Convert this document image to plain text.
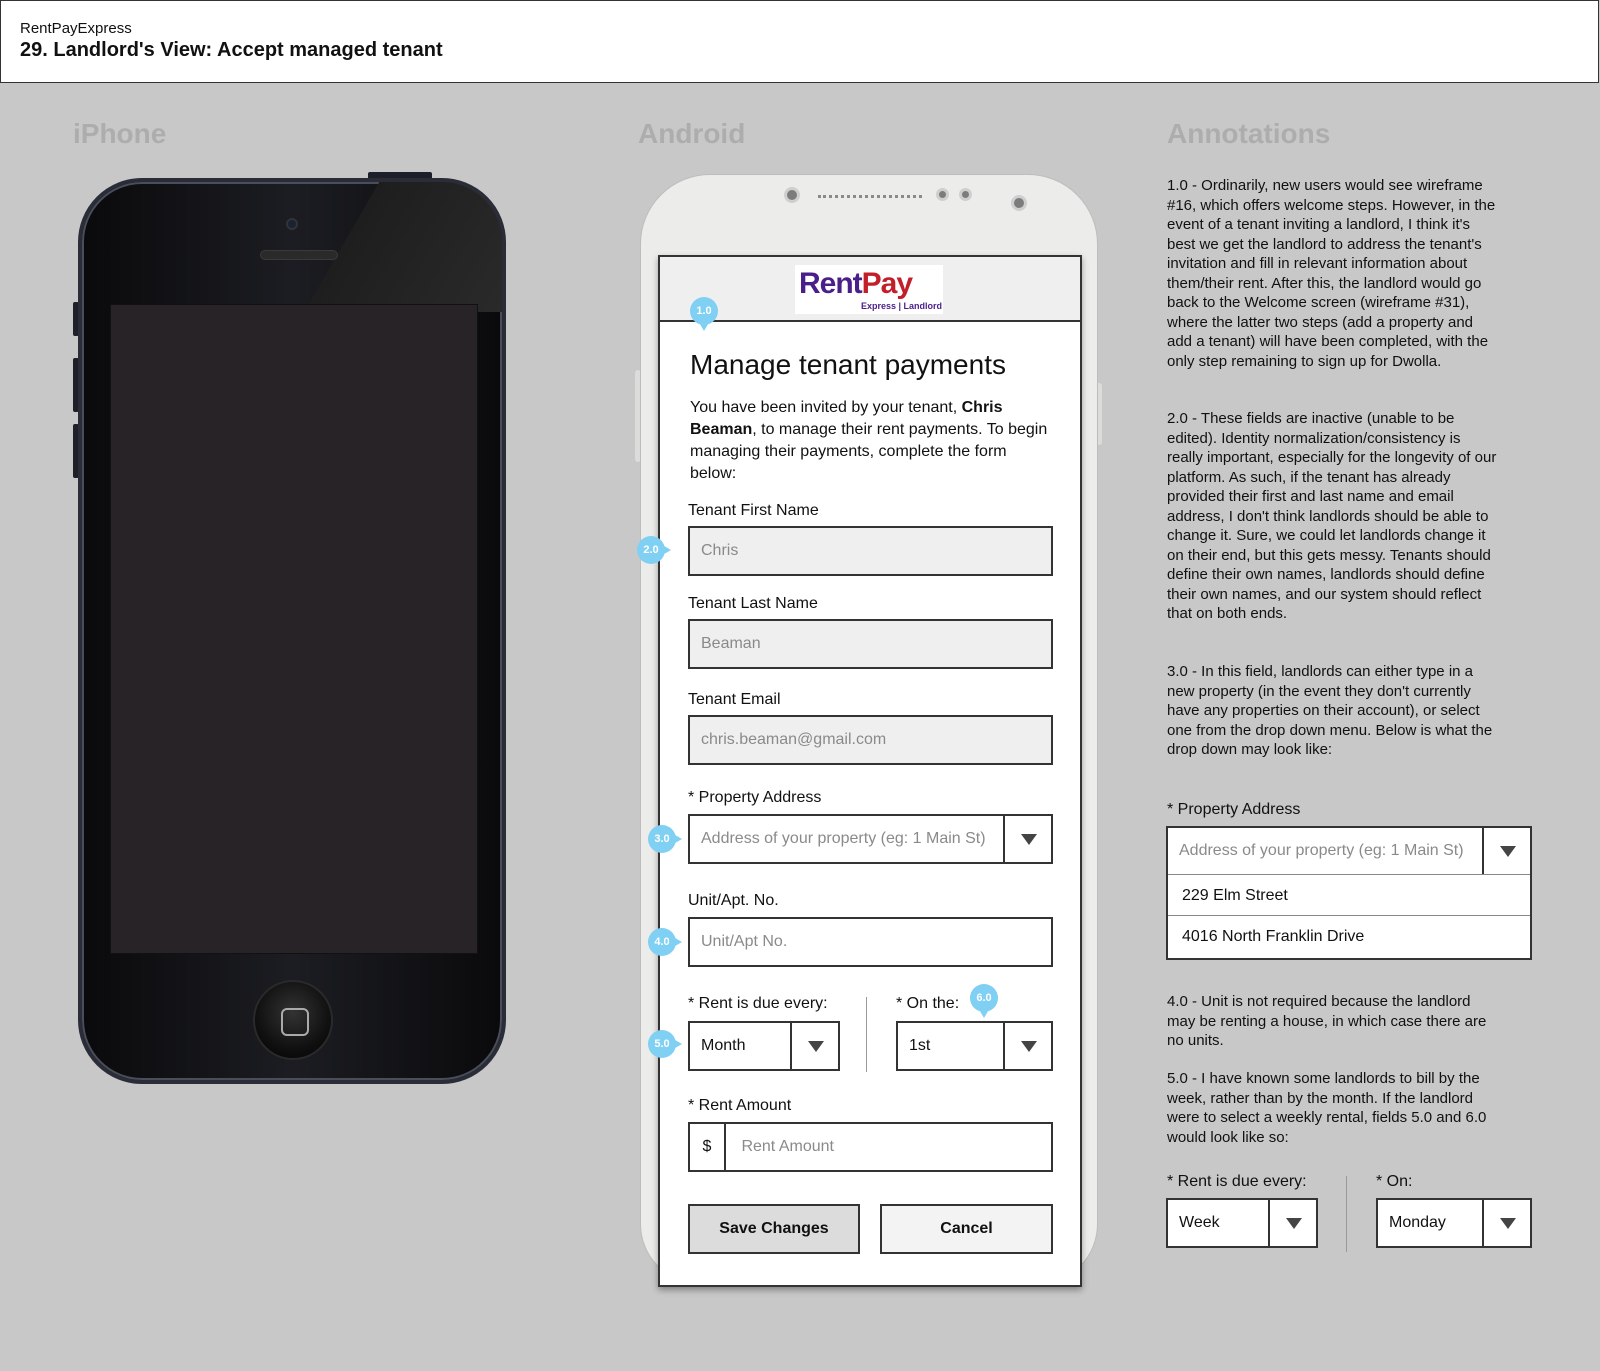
RentPayExpress
29. Landlord's View: Accept managed tenant
iPhone	Android	Annotations
RentPay
Express | Landlord
Manage tenant payments
You have been invited by your tenant, Chris Beaman, to manage their rent payments. To begin managing their payments, complete the form below:
Tenant First Name
Chris
Tenant Last Name
Beaman
Tenant Email
chris.beaman@gmail.com
* Property Address
Address of your property (eg: 1 Main St)
Unit/Apt. No.
Unit/Apt No.
* Rent is due every:
Month
* On the:
1st
* Rent Amount
$ Rent Amount
Save Changes	Cancel
1.0
2.0
3.0
4.0
5.0
6.0
1.0 - Ordinarily, new users would see wireframe #16, which offers welcome steps. However, in the event of a tenant inviting a landlord, I think it's best we get the landlord to address the tenant's invitation and fill in relevant information about them/their rent. After this, the landlord would go back to the Welcome screen (wireframe #31), where the latter two steps (add a property and add a tenant) will have been completed, with the only step remaining to sign up for Dwolla.
2.0 - These fields are inactive (unable to be edited). Identity normalization/consistency is really important, especially for the longevity of our platform. As such, if the tenant has already provided their first and last name and email address, I don't think landlords should be able to change it. Sure, we could let landlords change it on their end, but this gets messy. Tenants should define their own names, landlords should define their own names, and our system should reflect that on both ends.
3.0 - In this field, landlords can either type in a new property (in the event they don't currently have any properties on their account), or select one from the drop down menu. Below is what the drop down may look like:
* Property Address
Address of your property (eg: 1 Main St)
229 Elm Street
4016 North Franklin Drive
4.0 - Unit is not required because the landlord may be renting a house, in which case there are no units.
5.0 - I have known some landlords to bill by the week, rather than by the month. If the landlord were to select a weekly rental, fields 5.0 and 6.0 would look like so:
* Rent is due every:
Week
* On:
Monday
